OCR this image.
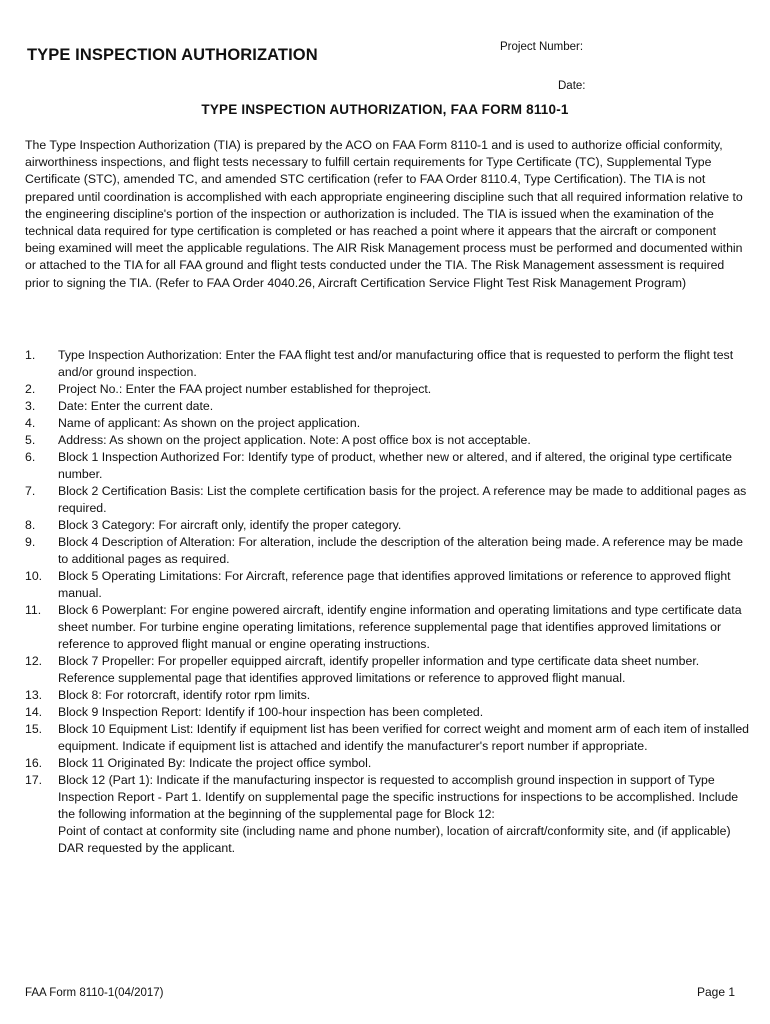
TYPE INSPECTION AUTHORIZATION	Project Number:
Date:
TYPE INSPECTION AUTHORIZATION, FAA FORM 8110-1

The Type Inspection Authorization (TIA) is prepared by the ACO on FAA Form 8110-1 and is used to authorize official conformity, airworthiness inspections, and flight tests necessary to fulfill certain requirements for Type Certificate (TC), Supplemental Type Certificate (STC), amended TC, and amended STC certification (refer to FAA Order 8110.4, Type Certification). The TIA is not prepared until coordination is accomplished with each appropriate engineering discipline such that all required information relative to the engineering discipline's portion of the inspection or authorization is included. The TIA is issued when the examination of the technical data required for type certification is completed or has reached a point where it appears that the aircraft or component being examined will meet the applicable regulations. The AIR Risk Management process must be performed and documented within or attached to the TIA for all FAA ground and flight tests conducted under the TIA. The Risk Management assessment is required prior to signing the TIA. (Refer to FAA Order 4040.26, Aircraft Certification Service Flight Test Risk Management Program)

1.	Type Inspection Authorization: Enter the FAA flight test and/or manufacturing office that is requested to perform the flight test and/or ground inspection.
2.	Project No.: Enter the FAA project number established for theproject.
3.	Date: Enter the current date.
4.	Name of applicant: As shown on the project application.
5.	Address: As shown on the project application. Note: A post office box is not acceptable.
6.	Block 1 Inspection Authorized For: Identify type of product, whether new or altered, and if altered, the original type certificate number.
7.	Block 2 Certification Basis: List the complete certification basis for the project. A reference may be made to additional pages as required.
8.	Block 3 Category: For aircraft only, identify the proper category.
9.	Block 4 Description of Alteration: For alteration, include the description of the alteration being made. A reference may be made to additional pages as required.
10.	Block 5 Operating Limitations: For Aircraft, reference page that identifies approved limitations or reference to approved flight manual.
11.	Block 6 Powerplant: For engine powered aircraft, identify engine information and operating limitations and type certificate data sheet number. For turbine engine operating limitations, reference supplemental page that identifies approved limitations or reference to approved flight manual or engine operating instructions.
12.	Block 7 Propeller: For propeller equipped aircraft, identify propeller information and type certificate data sheet number. Reference supplemental page that identifies approved limitations or reference to approved flight manual.
13.	Block 8: For rotorcraft, identify rotor rpm limits.
14.	Block 9 Inspection Report: Identify if 100-hour inspection has been completed.
15.	Block 10 Equipment List: Identify if equipment list has been verified for correct weight and moment arm of each item of installed equipment. Indicate if equipment list is attached and identify the manufacturer's report number if appropriate.
16.	Block 11 Originated By: Indicate the project office symbol.
17.	Block 12 (Part 1): Indicate if the manufacturing inspector is requested to accomplish ground inspection in support of Type Inspection Report - Part 1. Identify on supplemental page the specific instructions for inspections to be accomplished. Include the following information at the beginning of the supplemental page for Block 12:
Point of contact at conformity site (including name and phone number), location of aircraft/conformity site, and (if applicable) DAR requested by the applicant.
FAA Form 8110-1(04/2017)	Page 1
